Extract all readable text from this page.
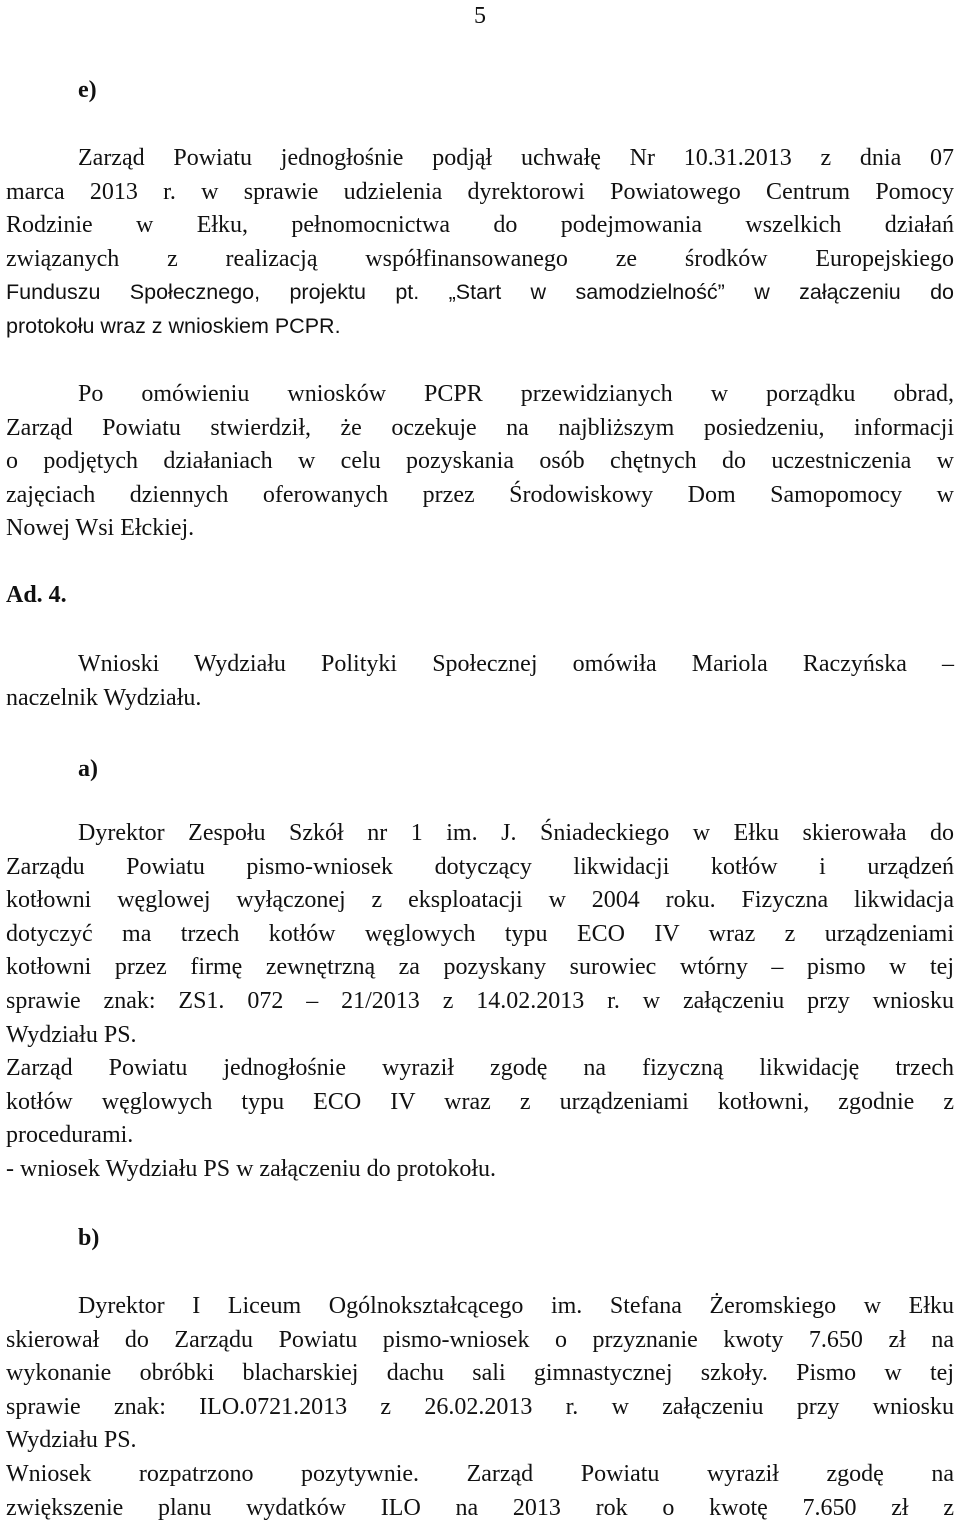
5
e)
Zarząd Powiatu jednogłośnie podjął uchwałę Nr 10.31.2013 z dnia 07
marca 2013 r. w sprawie udzielenia dyrektorowi Powiatowego Centrum Pomocy
Rodzinie w Ełku, pełnomocnictwa do podejmowania wszelkich działań
związanych z realizacją współfinansowanego ze środków Europejskiego
Funduszu Społecznego, projektu pt. „Start w samodzielność” w załączeniu do
protokołu wraz z wnioskiem PCPR.
Po omówieniu wniosków PCPR przewidzianych w porządku obrad,
Zarząd Powiatu stwierdził, że oczekuje na najbliższym posiedzeniu, informacji
o podjętych działaniach w celu pozyskania osób chętnych do uczestniczenia w
zajęciach dziennych oferowanych przez Środowiskowy Dom Samopomocy w
Nowej Wsi Ełckiej.
Ad. 4.
Wnioski Wydziału Polityki Społecznej omówiła Mariola Raczyńska –
naczelnik Wydziału.
a)
Dyrektor Zespołu Szkół nr 1 im. J. Śniadeckiego w Ełku skierowała do
Zarządu Powiatu pismo-wniosek dotyczący likwidacji kotłów i urządzeń
kotłowni węglowej wyłączonej z eksploatacji w 2004 roku. Fizyczna likwidacja
dotyczyć ma trzech kotłów węglowych typu ECO IV wraz z urządzeniami
kotłowni przez firmę zewnętrzną za pozyskany surowiec wtórny – pismo w tej
sprawie znak: ZS1. 072 – 21/2013 z 14.02.2013 r. w załączeniu przy wniosku
Wydziału PS.
Zarząd Powiatu jednogłośnie wyraził zgodę na fizyczną likwidację trzech
kotłów węglowych typu ECO IV wraz z urządzeniami kotłowni, zgodnie z
procedurami.
- wniosek Wydziału PS w załączeniu do protokołu.
b)
Dyrektor I Liceum Ogólnokształcącego im. Stefana Żeromskiego w Ełku
skierował do Zarządu Powiatu pismo-wniosek o przyznanie kwoty 7.650 zł na
wykonanie obróbki blacharskiej dachu sali gimnastycznej szkoły. Pismo w tej
sprawie znak: ILO.0721.2013 z 26.02.2013 r. w załączeniu przy wniosku
Wydziału PS.
Wniosek rozpatrzono pozytywnie. Zarząd Powiatu wyraził zgodę na
zwiększenie planu wydatków ILO na 2013 rok o kwotę 7.650 zł z
